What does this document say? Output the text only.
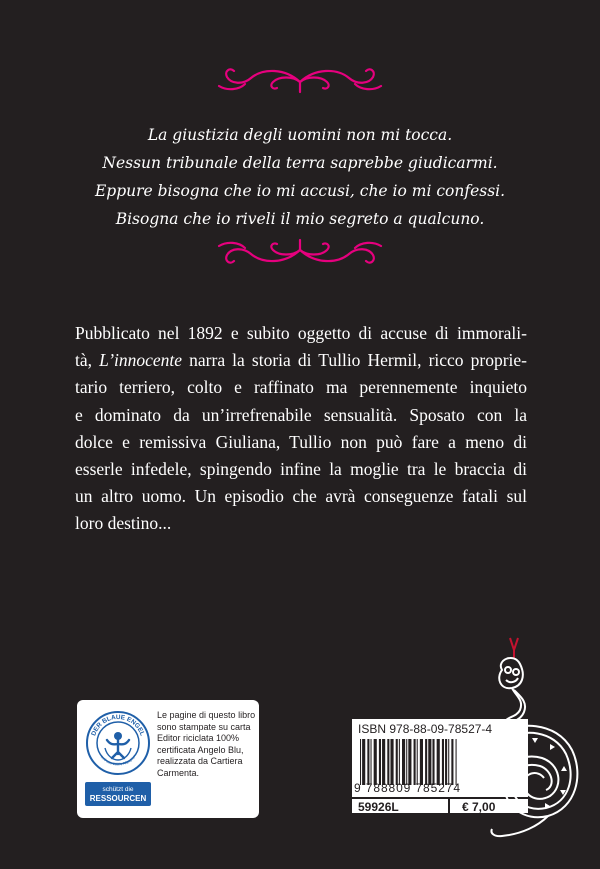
La giustizia degli uomini non mi tocca.
Nessun tribunale della terra saprebbe giudicarmi.
Eppure bisogna che io mi accusi, che io mi confessi.
Bisogna che io riveli il mio segreto a qualcuno.
Pubblicato nel 1892 e subito oggetto di accuse di immorali-
tà, L’innocente narra la storia di Tullio Hermil, ricco proprie-
tario terriero, colto e raffinato ma perennemente inquieto
e dominato da un’irrefrenabile sensualità. Sposato con la
dolce e remissiva Giuliana, Tullio non può fare a meno di
esserle infedele, spingendo infine la moglie tra le braccia di
un altro uomo. Un episodio che avrà conseguenze fatali sul
loro destino...
DER BLAUE ENGEL
weil aus 100% Altpapier
schützt die
RESSOURCEN
Le pagine di questo libro
sono stampate su carta
Editor riciclata 100%
certificata Angelo Blu,
realizzata da Cartiera
Carmenta.
ISBN 978-88-09-78527-4
9 788809 785274
59926L	€ 7,00
